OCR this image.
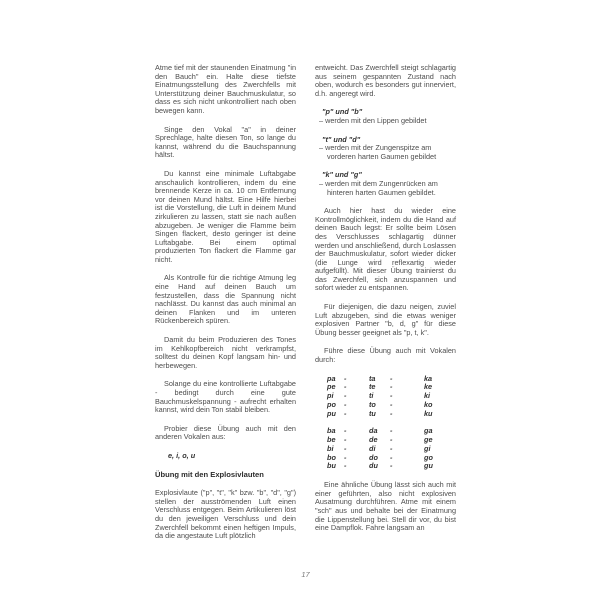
Atme tief mit der staunenden Einatmung "in den Bauch" ein. Halte diese tiefste Einatmungsstellung des Zwerchfells mit Unterstützung deiner Bauchmuskulatur, so dass es sich nicht unkontrolliert nach oben bewegen kann.

Singe den Vokal "a" in deiner Sprechlage, halte diesen Ton, so lange du kannst, während du die Bauchspannung hältst.

Du kannst eine minimale Luftabgabe anschaulich kontrollieren, indem du eine brennende Kerze in ca. 10 cm Entfernung vor deinen Mund hältst. Eine Hilfe hierbei ist die Vorstellung, die Luft in deinem Mund zirkulieren zu lassen, statt sie nach außen abzugeben. Je weniger die Flamme beim Singen flackert, desto geringer ist deine Luftabgabe. Bei einem optimal produzierten Ton flackert die Flamme gar nicht.

Als Kontrolle für die richtige Atmung leg eine Hand auf deinen Bauch um festzustellen, dass die Spannung nicht nachlässt. Du kannst das auch minimal an deinen Flanken und im unteren Rückenbereich spüren.

Damit du beim Produzieren des Tones im Kehlkopfbereich nicht verkrampfst, solltest du deinen Kopf langsam hin- und herbewegen.

Solange du eine kontrollierte Luftabgabe - bedingt durch eine gute Bauchmuskelspannung - aufrecht erhalten kannst, wird dein Ton stabil bleiben.

Probier diese Übung auch mit den anderen Vokalen aus:

e, i, o, u
Übung mit den Explosivlauten

Explosivlaute ("p", "t", "k" bzw. "b", "d", "g") stellen der ausströmenden Luft einen Verschluss entgegen. Beim Artikulieren löst du den jeweiligen Verschluss und dein Zwerchfell bekommt einen heftigen Impuls, da die angestaute Luft plötzlich

entweicht. Das Zwerchfell steigt schlagartig aus seinem gespannten Zustand nach oben, wodurch es besonders gut innerviert, d.h. angeregt wird.

"p" und "b"
– werden mit den Lippen gebildet
"t" und "d"
– werden mit der Zungenspitze am vorderen harten Gaumen gebildet
"k" und "g"
– werden mit dem Zungenrücken am hinteren harten Gaumen gebildet.

Auch hier hast du wieder eine Kontrollmöglichkeit, indem du die Hand auf deinen Bauch legst: Er sollte beim Lösen des Verschlusses schlagartig dünner werden und anschließend, durch Loslassen der Bauchmuskulatur, sofort wieder dicker (die Lunge wird reflexartig wieder aufgefüllt). Mit dieser Übung trainierst du das Zwerchfell, sich anzuspannen und sofort wieder zu entspannen.

Für diejenigen, die dazu neigen, zuviel Luft abzugeben, sind die etwas weniger explosiven Partner "b, d, g" für diese Übung besser geeignet als "p, t, k".

Führe diese Übung auch mit Vokalen durch:

pa	-	ta	-	ka
pe	-	te	-	ke
pi	-	ti	-	ki
po	-	to	-	ko
pu	-	tu	-	ku
ba	-	da	-	ga
be	-	de	-	ge
bi	-	di	-	gi
bo	-	do	-	go
bu	-	du	-	gu

Eine ähnliche Übung lässt sich auch mit einer geführten, also nicht explosiven Ausatmung durchführen. Atme mit einem "sch" aus und behalte bei der Einatmung die Lippenstellung bei. Stell dir vor, du bist eine Dampflok. Fahre langsam an

17
